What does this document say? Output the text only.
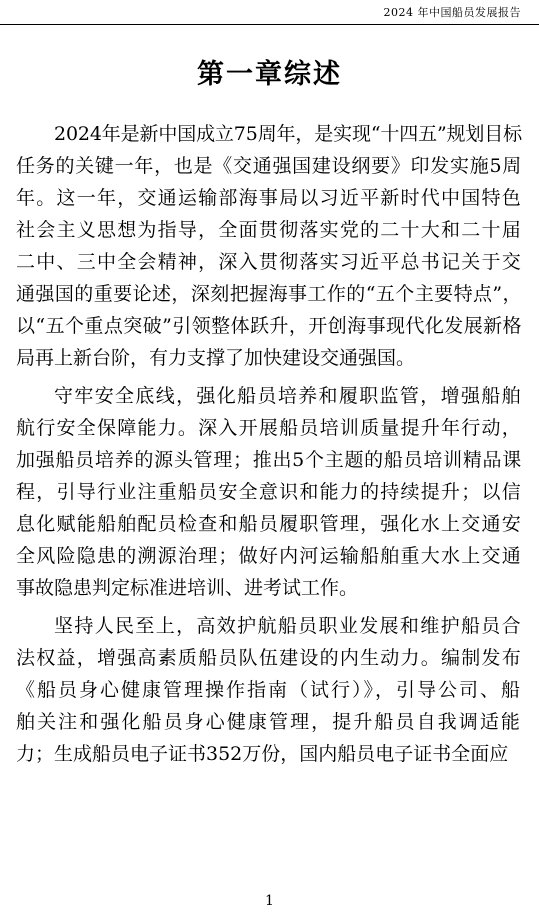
2024 年中国船员发展报告
第一章综述
2024年是新中国成立75周年，是实现“十四五”规划目标
任务的关键一年，也是《交通强国建设纲要》印发实施5周
年。这一年，交通运输部海事局以习近平新时代中国特色
社会主义思想为指导，全面贯彻落实党的二十大和二十届
二中、三中全会精神，深入贯彻落实习近平总书记关于交
通强国的重要论述，深刻把握海事工作的“五个主要特点”，
以“五个重点突破”引领整体跃升，开创海事现代化发展新格
局再上新台阶，有力支撑了加快建设交通强国。
守牢安全底线，强化船员培养和履职监管，增强船舶
航行安全保障能力。深入开展船员培训质量提升年行动，
加强船员培养的源头管理；推出5个主题的船员培训精品课
程，引导行业注重船员安全意识和能力的持续提升；以信
息化赋能船舶配员检查和船员履职管理，强化水上交通安
全风险隐患的溯源治理；做好内河运输船舶重大水上交通
事故隐患判定标准进培训、进考试工作。
坚持人民至上，高效护航船员职业发展和维护船员合
法权益，增强高素质船员队伍建设的内生动力。编制发布
《船员身心健康管理操作指南（试行）》，引导公司、船
舶关注和强化船员身心健康管理，提升船员自我调适能
力；生成船员电子证书352万份，国内船员电子证书全面应
1
